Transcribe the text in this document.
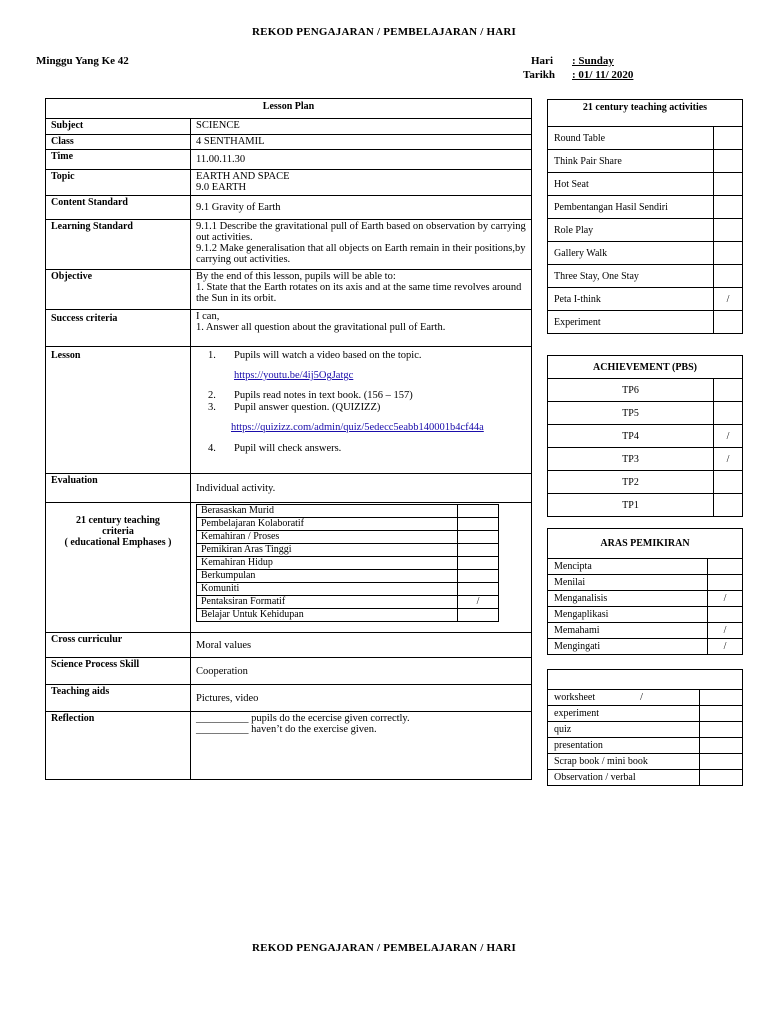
REKOD PENGAJARAN / PEMBELAJARAN / HARI
Minggu Yang Ke 42	Hari : Sunday
Tarikh : 01/ 11/ 2020
Lesson Plan
Subject	SCIENCE
Class	4 SENTHAMIL
Time	11.00.11.30
Topic	EARTH AND SPACE
9.0 EARTH

Content Standard	9.1 Gravity of Earth
Learning Standard	9.1.1 Describe the gravitational pull of Earth based on observation by carrying out activities.
9.1.2 Make generalisation that all objects on Earth remain in their positions,by carrying out activities.

Objective	By the end of this lesson, pupils will be able to:
1. State that the Earth rotates on its axis and at the same time revolves around the Sun in its orbit.

Success criteria	I can,
1. Answer all question about the gravitational pull of Earth.

Lesson	1. Pupils will watch a video based on the topic.
https://youtu.be/4ij5OgJatgc
2. Pupils read notes in text book. (156 – 157)
3. Pupil answer question. (QUIZIZZ)
https://quizizz.com/admin/quiz/5edecc5eabb140001b4cf44a
4. Pupil will check answers.

Evaluation	Individual activity.

21 century teaching
criteria
( educational Emphases )

Berasaskan Murid	
Pembelajaran Kolaboratif	
Kemahiran / Proses	
Pemikiran Aras Tinggi	
Kemahiran Hidup	
Berkumpulan	
Komuniti	
Pentaksiran Formatif	/
Belajar Untuk Kehidupan	

Cross curriculur	Moral values
Science Process Skill	Cooperation
Teaching aids	Pictures, video
Reflection	__________ pupils do the ecercise given correctly.
__________ haven’t do the exercise given.
21 century teaching activities	
Round Table	
Think Pair Share	
Hot Seat	
Pembentangan Hasil Sendiri	
Role Play	
Gallery Walk	
Three Stay, One Stay	
Peta I-think	/
Experiment	
ACHIEVEMENT (PBS)	
TP6	
TP5	
TP4	/
TP3	/
TP2	
TP1	
ARAS PEMIKIRAN	
Mencipta	
Menilai	
Menganalisis	/
Mengaplikasi	
Memahami	/
Mengingati	/

worksheet                  /	
experiment	
quiz	
presentation	
Scrap book / mini book	
Observation / verbal	
REKOD PENGAJARAN / PEMBELAJARAN / HARI
